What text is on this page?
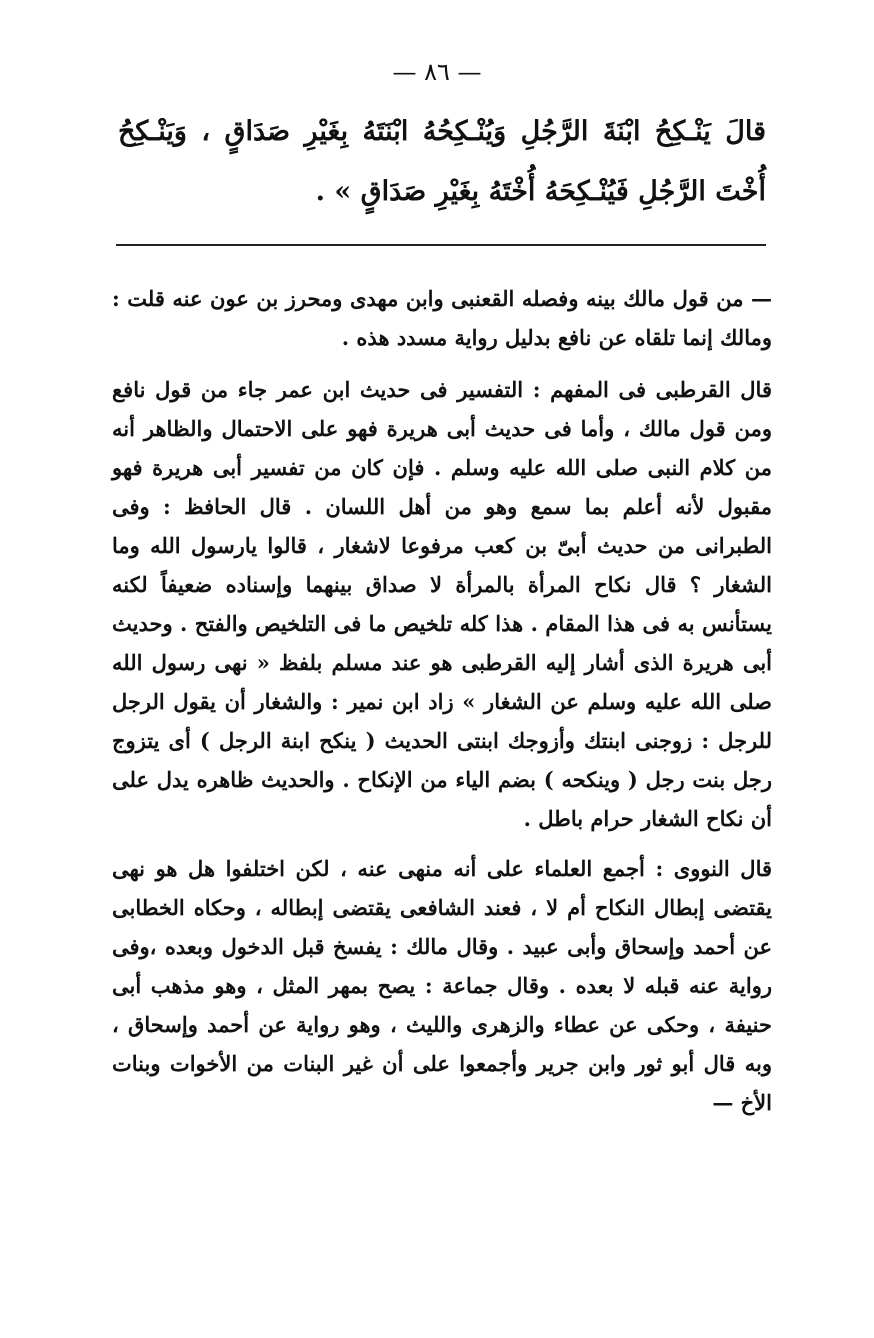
— ٨٦ —
قالَ يَنْـكِحُ ابْنَةَ الرَّجُلِ وَيُنْـكِحُهُ ابْنَتَهُ بِغَيْرِ صَدَاقٍ ، وَيَنْـكِحُ أُخْتَ الرَّجُلِ فَيُنْـكِحَهُ أُخْتَهُ بِغَيْرِ صَدَاقٍ » .

— من قول مالك بينه وفصله القعنبى وابن مهدى ومحرز بن عون عنه قلت : ومالك إنما تلقاه عن نافع بدليل رواية مسدد هذه .

قال القرطبى فى المفهم : التفسير فى حديث ابن عمر جاء من قول نافع ومن قول مالك ، وأما فى حديث أبى هريرة فهو على الاحتمال والظاهر أنه من كلام النبى صلى الله عليه وسلم . فإن كان من تفسير أبى هريرة فهو مقبول لأنه أعلم بما سمع وهو من أهل اللسان . قال الحافظ : وفى الطبرانى من حديث أبىّ بن كعب مرفوعا لاشغار ، قالوا يارسول الله وما الشغار ؟ قال نكاح المرأة بالمرأة لا صداق بينهما وإسناده ضعيفاً لكنه يستأنس به فى هذا المقام . هذا كله تلخيص ما فى التلخيص والفتح . وحديث أبى هريرة الذى أشار إليه القرطبى هو عند مسلم بلفظ « نهى رسول الله صلى الله عليه وسلم عن الشغار » زاد ابن نمير : والشغار أن يقول الرجل للرجل : زوجنى ابنتك وأزوجك ابنتى الحديث ( ينكح ابنة الرجل ) أى يتزوج رجل بنت رجل ( وينكحه ) بضم الياء من الإنكاح . والحديث ظاهره يدل على أن نكاح الشغار حرام باطل .

قال النووى : أجمع العلماء على أنه منهى عنه ، لكن اختلفوا هل هو نهى يقتضى إبطال النكاح أم لا ، فعند الشافعى يقتضى إبطاله ، وحكاه الخطابى عن أحمد وإسحاق وأبى عبيد . وقال مالك : يفسخ قبل الدخول وبعده ،وفى رواية عنه قبله لا بعده . وقال جماعة : يصح بمهر المثل ، وهو مذهب أبى حنيفة ، وحكى عن عطاء والزهرى والليث ، وهو رواية عن أحمد وإسحاق ، وبه قال أبو ثور وابن جرير وأجمعوا على أن غير البنات من الأخوات وبنات الأخ —
